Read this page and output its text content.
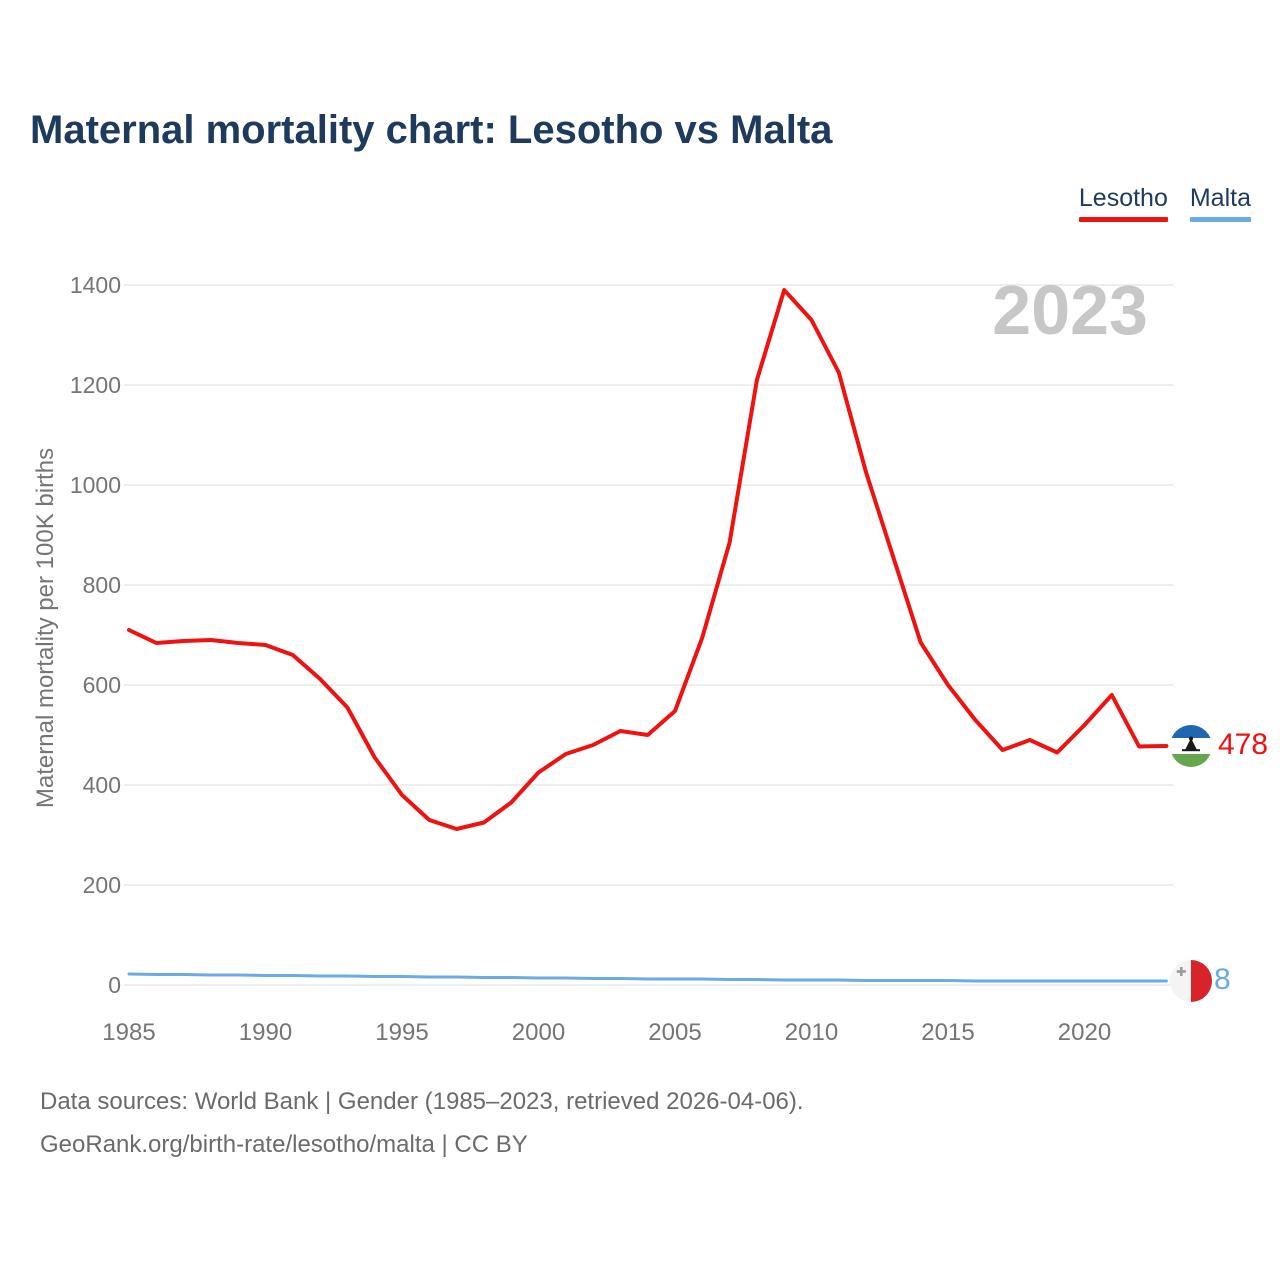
Maternal mortality chart: Lesotho vs Malta
Lesotho Malta
2023
0
200
400
600
800
1000
1200
1400
1985	1990	1995	2000	2005	2010	2015	2020
Maternal mortality per 100K births	478
8
Data sources: World Bank | Gender (1985–2023, retrieved 2026-04-06).
GeoRank.org/birth-rate/lesotho/malta | CC BY
